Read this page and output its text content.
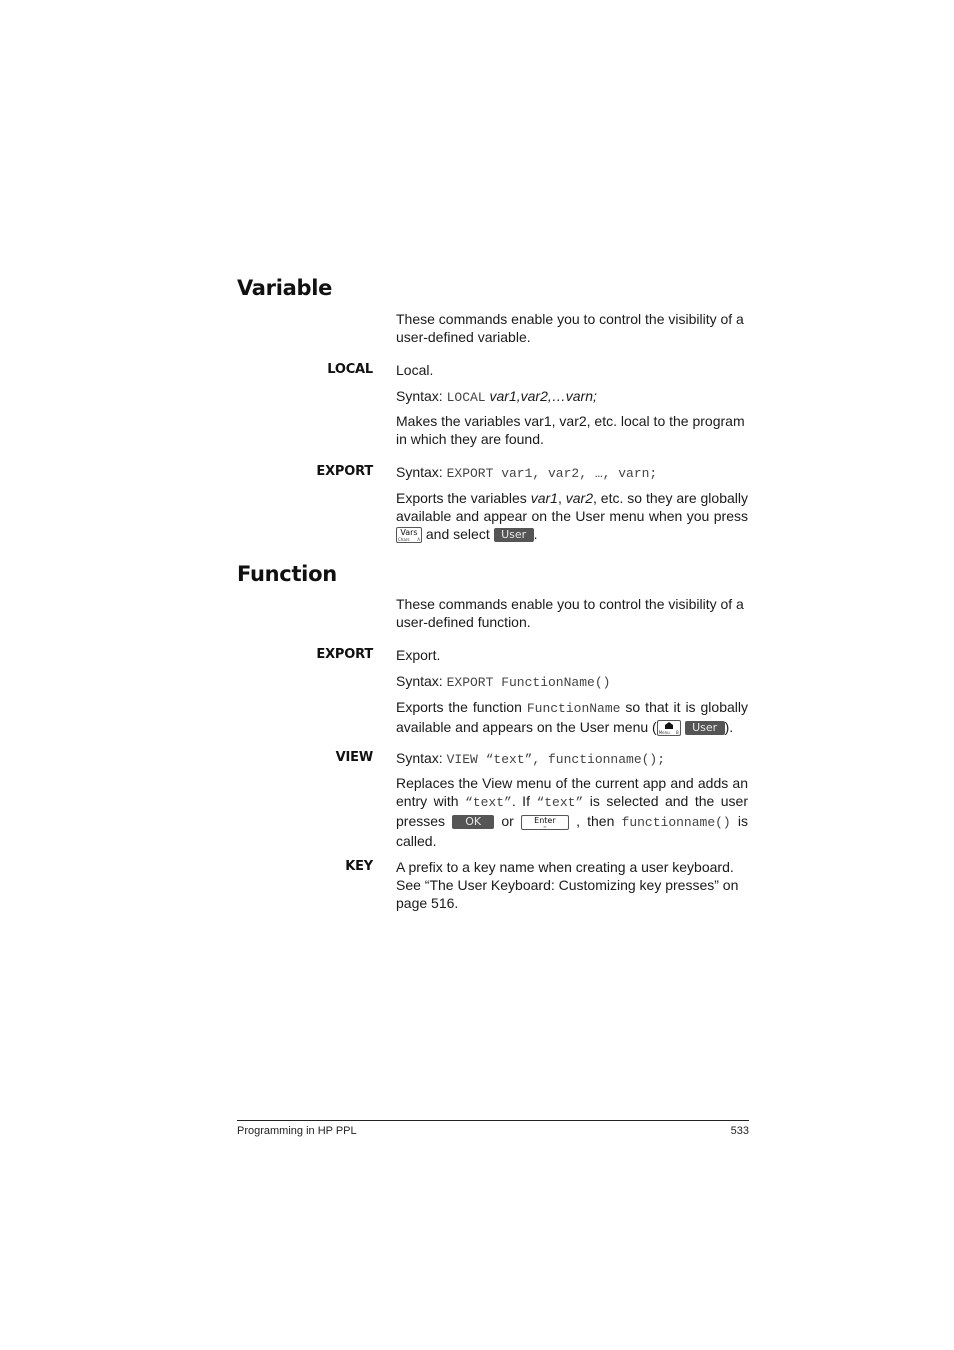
Variable

These commands enable you to control the visibility of a user-defined variable.

LOCAL Local.

Syntax: LOCAL var1,var2,…varn;

Makes the variables var1, var2, etc. local to the program in which they are found.

EXPORT Syntax: EXPORT var1, var2, …, varn;

Exports the variables var1, var2, etc. so they are globally available and appear on the User menu when you press
Vars
Chars A and select User .

Function

These commands enable you to control the visibility of a user-defined function.

EXPORT Export.

Syntax: EXPORT FunctionName()

Exports the function FunctionName so that it is globally available and appears on the User menu ( Menu B User ).

VIEW Syntax: VIEW “text”, functionname();

Replaces the View menu of the current app and adds an entry with “text”. If “text” is selected and the user presses OK or	Enter
≈ , then functionname() is called.

KEY A prefix to a key name when creating a user keyboard. See “The User Keyboard: Customizing key presses” on page 516.

Programming in HP PPL	533
